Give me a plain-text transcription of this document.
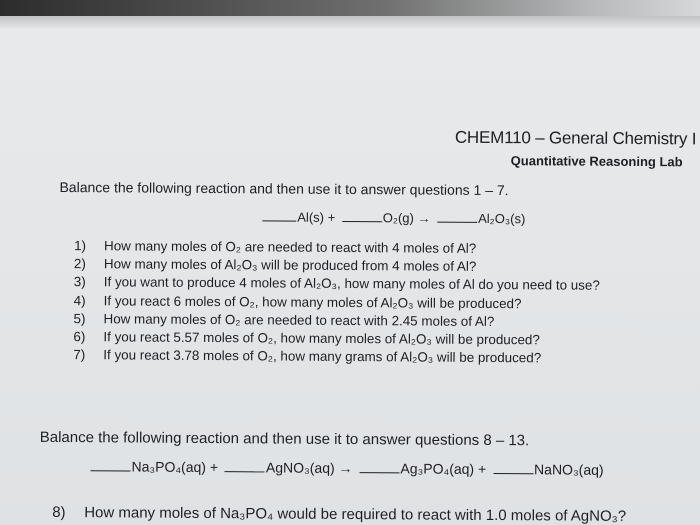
CHEM110 – General Chemistry I
Quantitative Reasoning Lab
Balance the following reaction and then use it to answer questions 1 – 7.
Al(s) +	O₂(g) →	Al₂O₃(s)
1)	How many moles of O₂ are needed to react with 4 moles of Al?
2)	How many moles of Al₂O₃ will be produced from 4 moles of Al?
3)	If you want to produce 4 moles of Al₂O₃, how many moles of Al do you need to use?
4)	If you react 6 moles of O₂, how many moles of Al₂O₃ will be produced?
5)	How many moles of O₂ are needed to react with 2.45 moles of Al?
6)	If you react 5.57 moles of O₂, how many moles of Al₂O₃ will be produced?
7)	If you react 3.78 moles of O₂, how many grams of Al₂O₃ will be produced?
Balance the following reaction and then use it to answer questions 8 – 13.
Na₃PO₄(aq) +	AgNO₃(aq) →	Ag₃PO₄(aq) +	NaNO₃(aq)
8) How many moles of Na₃PO₄ would be required to react with 1.0 moles of AgNO₃?
